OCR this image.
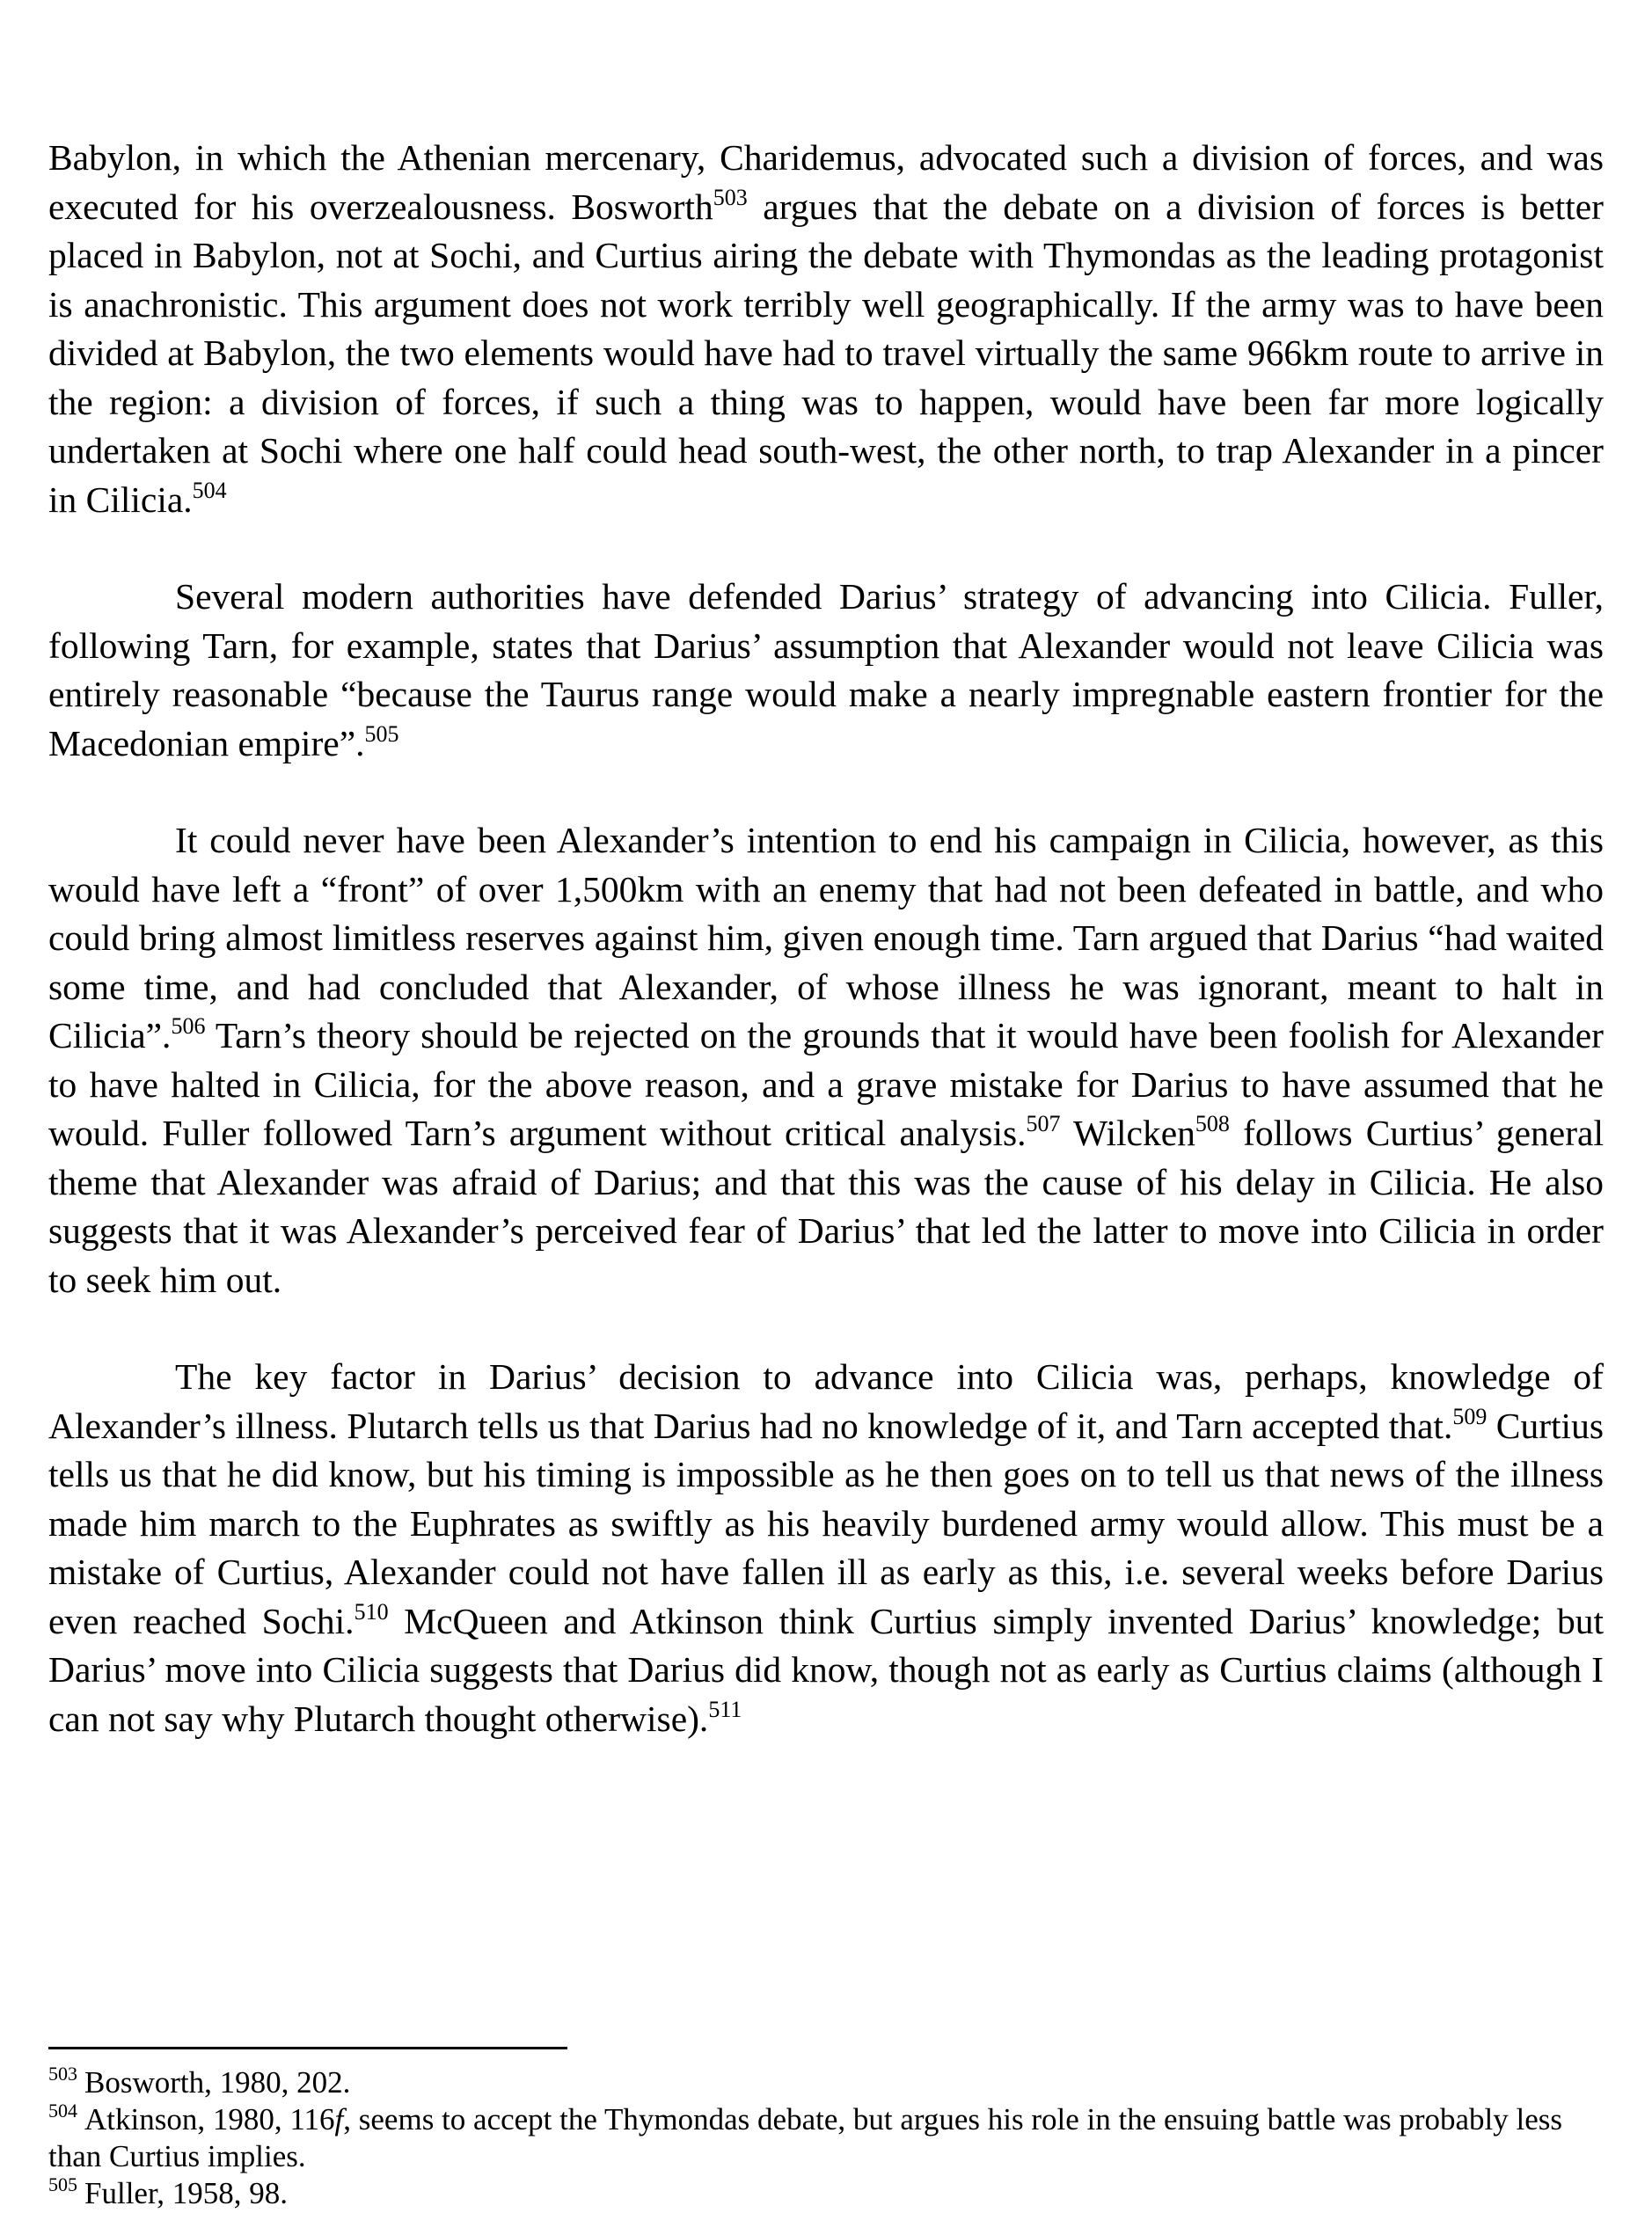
Babylon, in which the Athenian mercenary, Charidemus, advocated such a division of forces, and was executed for his overzealousness. Bosworth$^{503}$ argues that the debate on a division of forces is better placed in Babylon, not at Sochi, and Curtius airing the debate with Thymondas as the leading protagonist is anachronistic. This argument does not work terribly well geographically. If the army was to have been divided at Babylon, the two elements would have had to travel virtually the same 966km route to arrive in the region: a division of forces, if such a thing was to happen, would have been far more logically undertaken at Sochi where one half could head south-west, the other north, to trap Alexander in a pincer in Cilicia.$^{504}$

Several modern authorities have defended Darius’ strategy of advancing into Cilicia. Fuller, following Tarn, for example, states that Darius’ assumption that Alexander would not leave Cilicia was entirely reasonable “because the Taurus range would make a nearly impregnable eastern frontier for the Macedonian empire”.$^{505}$

It could never have been Alexander’s intention to end his campaign in Cilicia, however, as this would have left a “front” of over 1,500km with an enemy that had not been defeated in battle, and who could bring almost limitless reserves against him, given enough time. Tarn argued that Darius “had waited some time, and had concluded that Alexander, of whose illness he was ignorant, meant to halt in Cilicia”.$^{506}$ Tarn’s theory should be rejected on the grounds that it would have been foolish for Alexander to have halted in Cilicia, for the above reason, and a grave mistake for Darius to have assumed that he would. Fuller followed Tarn’s argument without critical analysis.$^{507}$ Wilcken$^{508}$ follows Curtius’ general theme that Alexander was afraid of Darius; and that this was the cause of his delay in Cilicia. He also suggests that it was Alexander’s perceived fear of Darius’ that led the latter to move into Cilicia in order to seek him out.

The key factor in Darius’ decision to advance into Cilicia was, perhaps, knowledge of Alexander’s illness. Plutarch tells us that Darius had no knowledge of it, and Tarn accepted that.$^{509}$ Curtius tells us that he did know, but his timing is impossible as he then goes on to tell us that news of the illness made him march to the Euphrates as swiftly as his heavily burdened army would allow. This must be a mistake of Curtius, Alexander could not have fallen ill as early as this, i.e. several weeks before Darius even reached Sochi.$^{510}$ McQueen and Atkinson think Curtius simply invented Darius’ knowledge; but Darius’ move into Cilicia suggests that Darius did know, though not as early as Curtius claims (although I can not say why Plutarch thought otherwise).$^{511}$

$^{503}$ Bosworth, 1980, 202.

$^{504}$ Atkinson, 1980, 116f, seems to accept the Thymondas debate, but argues his role in the ensuing battle was probably less than Curtius implies.

$^{505}$ Fuller, 1958, 98.
